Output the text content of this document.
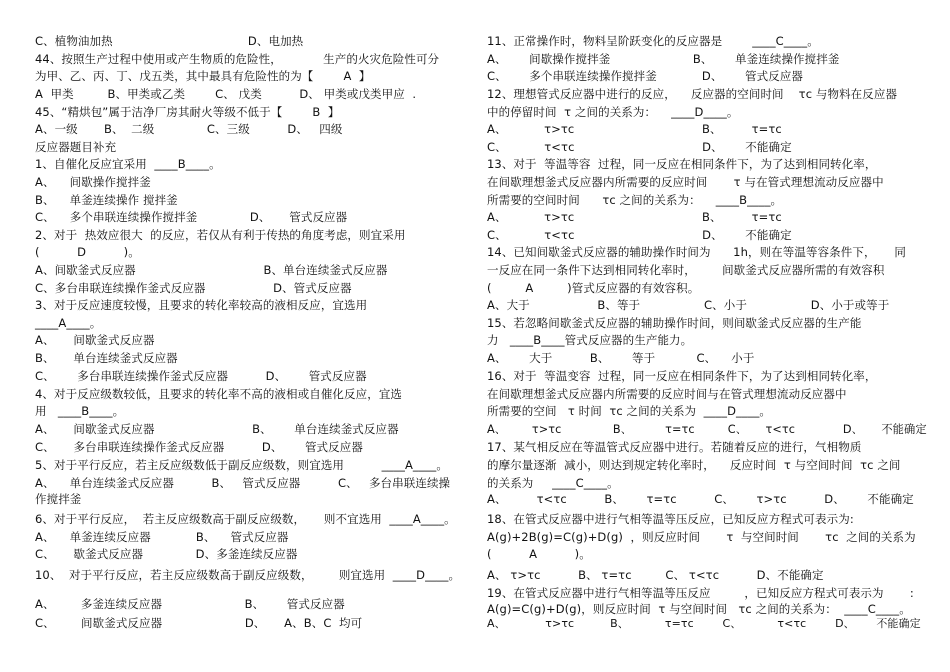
C、植物油加热                                    D、电加热
44、按照生产过程中使用或产生物质的危险性，           生产的火灾危险性可分
为甲、乙、丙、丁、戊五类，其中最具有危险性的为【        A  】
A  甲类         B、甲类或乙类        C、 戊类          D、 甲类或戊类甲应  .
45、“精烘包”属于洁净厂房其耐火等级不低于【        B  】
A、一级       B、  二级              C、三级          D、   四级
反应器题目补充
1、自催化反应宜采用  ____B____。
A、    间歇操作搅拌釜
B、    单釜连续操作 搅拌釜
C、    多个串联连续操作搅拌釜              D、     管式反应器
2、对于  热效应很大  的反应，若仅从有利于传热的角度考虑，则宜采用
(          D          )。
A、间歇釜式反应器                                  B、单台连续釜式反应器
C、多台串联连续操作釜式反应器                  D、管式反应器
3、对于反应速度较慢，且要求的转化率较高的液相反应，宜选用
____A____。
A、     间歇釜式反应器
B、     单台连续釜式反应器
C、      多台串联连续操作釜式反应器          D、      管式反应器
4、对于反应级数较低，且要求的转化率不高的液相或自催化反应，宜选
用   ____B____。
A、     间歇釜式反应器                          B、      单台连续釜式反应器
C、     多台串联连续操作釜式反应器          D、      管式反应器
5、对于平行反应，若主反应级数低于副反应级数，则宜选用          ____A____。
A、    单台连续釜式反应器          B、   管式反应器          C、   多台串联连续操
作搅拌釜
6、对于平行反应，  若主反应级数高于副反应级数，     则不宜选用  ____A____。
A、    单釜连续反应器            B、    管式反应器
C、     歇釜式反应器              D、多釜连续反应器
10、  对于平行反应，若主反应级数高于副反应级数，       则宜选用  ____D____。
A、       多釜连续反应器                      B、      管式反应器
C、       间歇釜式反应器                      D、     A、B、C  均可
11、正常操作时，物料呈阶跃变化的反应器是        ____C____。
A、      间歇操作搅拌釜                      B、      单釜连续操作搅拌釜
C、      多个串联连续操作搅拌釜            D、      管式反应器
12、理想管式反应器中进行的反应，    反应器的空间时间    τc 与物料在反应器
中的停留时间  τ 之间的关系为：    ____D____。
A、          τ>τc                                  B、        τ=τc
C、          τ<τc                                  D、      不能确定
13、对于  等温等容  过程，同一反应在相同条件下，为了达到相同转化率，
在间歇理想釜式反应器内所需要的反应时间       τ 与在管式理想流动反应器中
所需要的空间时间      τc 之间的关系为：    ____B____。
A、          τ>τc                                  B、        τ=τc
C、          τ<τc                                  D、      不能确定
14、已知间歇釜式反应器的辅助操作时间为      1h，则在等温等容条件下，     同
一反应在同一条件下达到相同转化率时，       间歇釜式反应器所需的有效容积
(         A         )管式反应器的有效容积。
A、大于                  B、等于                 C、小于                 D、小于或等于
15、若忽略间歇釜式反应器的辅助操作时间，则间歇釜式反应器的生产能
力   ____B____管式反应器的生产能力。
A、      大于          B、      等于           C、    小于
16、对于  等温变容  过程，同一反应在相同条件下，为了达到相同转化率，
在间歇理想釜式反应器内所需要的反应时间与在管式理想流动反应器中
所需要的空间   τ 时间  τc 之间的关系为  ____D____。
A、       τ>τc              B、         τ=τc         C、     τ<τc             D、     不能确定
17、某气相反应在等温管式反应器中进行。若随着反应的进行，气相物质
的摩尔量逐渐  减小，则达到规定转化率时，    反应时间  τ 与空间时间  τc 之间
的关系为     ____C____。
A、        τ<τc          B、      τ=τc          C、      τ>τc          D、      不能确定
18、在管式反应器中进行气相等温等压反应，已知反应方程式可表示为:
A(g)+2B(g)=C(g)+D(g)  ，则反应时间       τ  与空间时间       τc  之间的关系为
(          A          )。
A、 τ>τc          B、 τ=τc         C、 τ<τc          D、不能确定
19、在管式反应器中进行气相等温等压反应         ，已知反应方程式可表示为       :
A(g)=C(g)+D(g)，则反应时间  τ 与空间时间   τc 之间的关系为：  ____C____。
A、           τ>τc          B、          τ=τc        C、          τ<τc        D、      不能确定
